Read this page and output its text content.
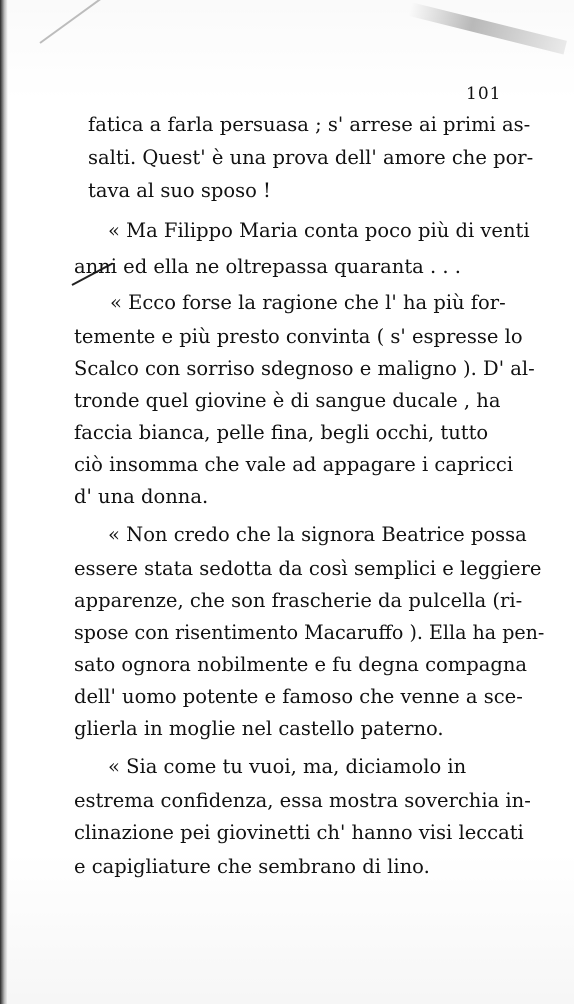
101
fatica a farla persuasa ; s' arrese ai primi as-
salti. Quest' è una prova dell' amore che por-
tava al suo sposo !
« Ma Filippo Maria conta poco più di venti
anni ed ella ne oltrepassa quaranta . . .
« Ecco forse la ragione che l' ha più for-
temente e più presto convinta ( s' espresse lo
Scalco con sorriso sdegnoso e maligno ). D' al-
tronde quel giovine è di sangue ducale , ha
faccia bianca, pelle fina, begli occhi, tutto
ciò insomma che vale ad appagare i capricci
d' una donna.
« Non credo che la signora Beatrice possa
essere stata sedotta da così semplici e leggiere
apparenze, che son frascherie da pulcella (ri-
spose con risentimento Macaruffo ). Ella ha pen-
sato ognora nobilmente e fu degna compagna
dell' uomo potente e famoso che venne a sce-
glierla in moglie nel castello paterno.
« Sia come tu vuoi, ma, diciamolo in
estrema confidenza, essa mostra soverchia in-
clinazione pei giovinetti ch' hanno visi leccati
e capigliature che sembrano di lino.
